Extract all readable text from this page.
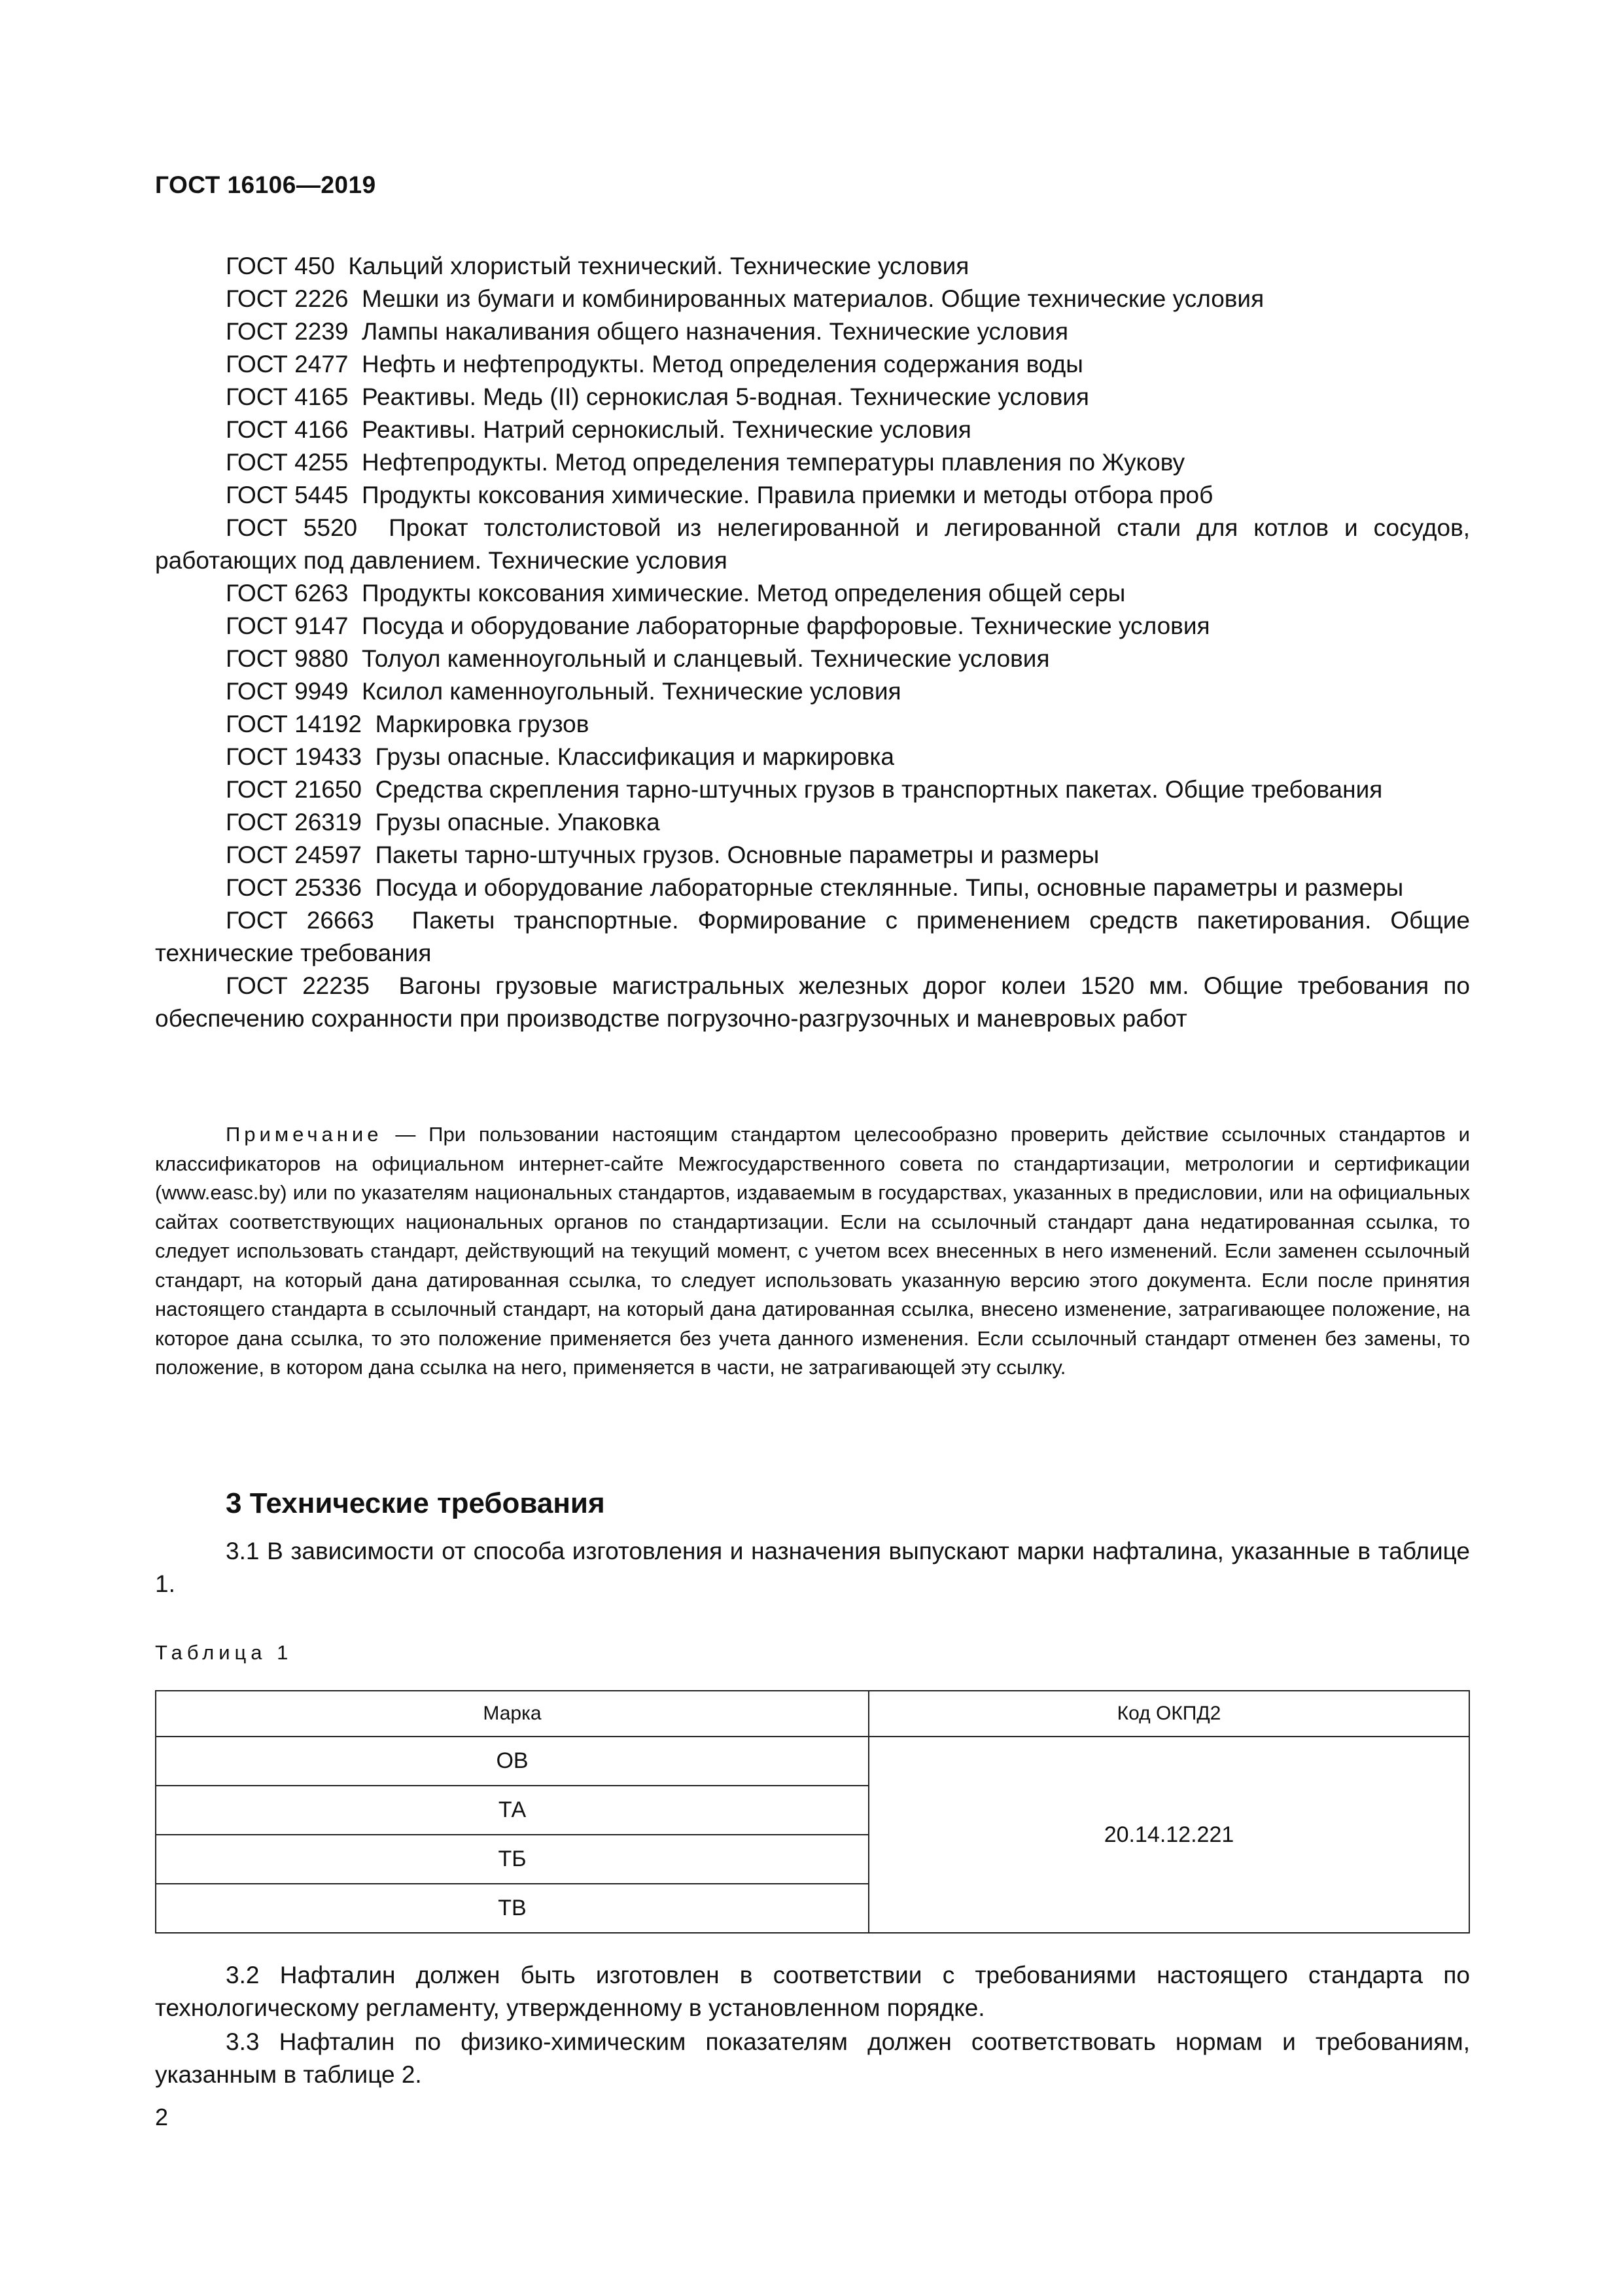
ГОСТ 16106—2019

ГОСТ 450 Кальций хлористый технический. Технические условия

ГОСТ 2226 Мешки из бумаги и комбинированных материалов. Общие технические условия

ГОСТ 2239 Лампы накаливания общего назначения. Технические условия

ГОСТ 2477 Нефть и нефтепродукты. Метод определения содержания воды

ГОСТ 4165 Реактивы. Медь (II) сернокислая 5-водная. Технические условия

ГОСТ 4166 Реактивы. Натрий сернокислый. Технические условия

ГОСТ 4255 Нефтепродукты. Метод определения температуры плавления по Жукову

ГОСТ 5445 Продукты коксования химические. Правила приемки и методы отбора проб

ГОСТ 5520 Прокат толстолистовой из нелегированной и легированной стали для котлов и сосудов, работающих под давлением. Технические условия

ГОСТ 6263 Продукты коксования химические. Метод определения общей серы

ГОСТ 9147 Посуда и оборудование лабораторные фарфоровые. Технические условия

ГОСТ 9880 Толуол каменноугольный и сланцевый. Технические условия

ГОСТ 9949 Ксилол каменноугольный. Технические условия

ГОСТ 14192 Маркировка грузов

ГОСТ 19433 Грузы опасные. Классификация и маркировка

ГОСТ 21650 Средства скрепления тарно-штучных грузов в транспортных пакетах. Общие требования

ГОСТ 26319 Грузы опасные. Упаковка

ГОСТ 24597 Пакеты тарно-штучных грузов. Основные параметры и размеры

ГОСТ 25336 Посуда и оборудование лабораторные стеклянные. Типы, основные параметры и размеры

ГОСТ 26663 Пакеты транспортные. Формирование с применением средств пакетирования. Общие технические требования

ГОСТ 22235 Вагоны грузовые магистральных железных дорог колеи 1520 мм. Общие требования по обеспечению сохранности при производстве погрузочно-разгрузочных и маневровых работ

Примечание — При пользовании настоящим стандартом целесообразно проверить действие ссылочных стандартов и классификаторов на официальном интернет-сайте Межгосударственного совета по стандартизации, метрологии и сертификации (www.easc.by) или по указателям национальных стандартов, издаваемым в государствах, указанных в предисловии, или на официальных сайтах соответствующих национальных органов по стандартизации. Если на ссылочный стандарт дана недатированная ссылка, то следует использовать стандарт, действующий на текущий момент, с учетом всех внесенных в него изменений. Если заменен ссылочный стандарт, на который дана датированная ссылка, то следует использовать указанную версию этого документа. Если после принятия настоящего стандарта в ссылочный стандарт, на который дана датированная ссылка, внесено изменение, затрагивающее положение, на которое дана ссылка, то это положение применяется без учета данного изменения. Если ссылочный стандарт отменен без замены, то положение, в котором дана ссылка на него, применяется в части, не затрагивающей эту ссылку.

3 Технические требования

3.1 В зависимости от способа изготовления и назначения выпускают марки нафталина, указанные в таблице 1.

Таблица 1
Марка	Код ОКПД2
ОВ	20.14.12.221
ТА	
ТБ	
ТВ	

3.2 Нафталин должен быть изготовлен в соответствии с требованиями настоящего стандарта по технологическому регламенту, утвержденному в установленном порядке.

3.3 Нафталин по физико-химическим показателям должен соответствовать нормам и требованиям, указанным в таблице 2.

2
